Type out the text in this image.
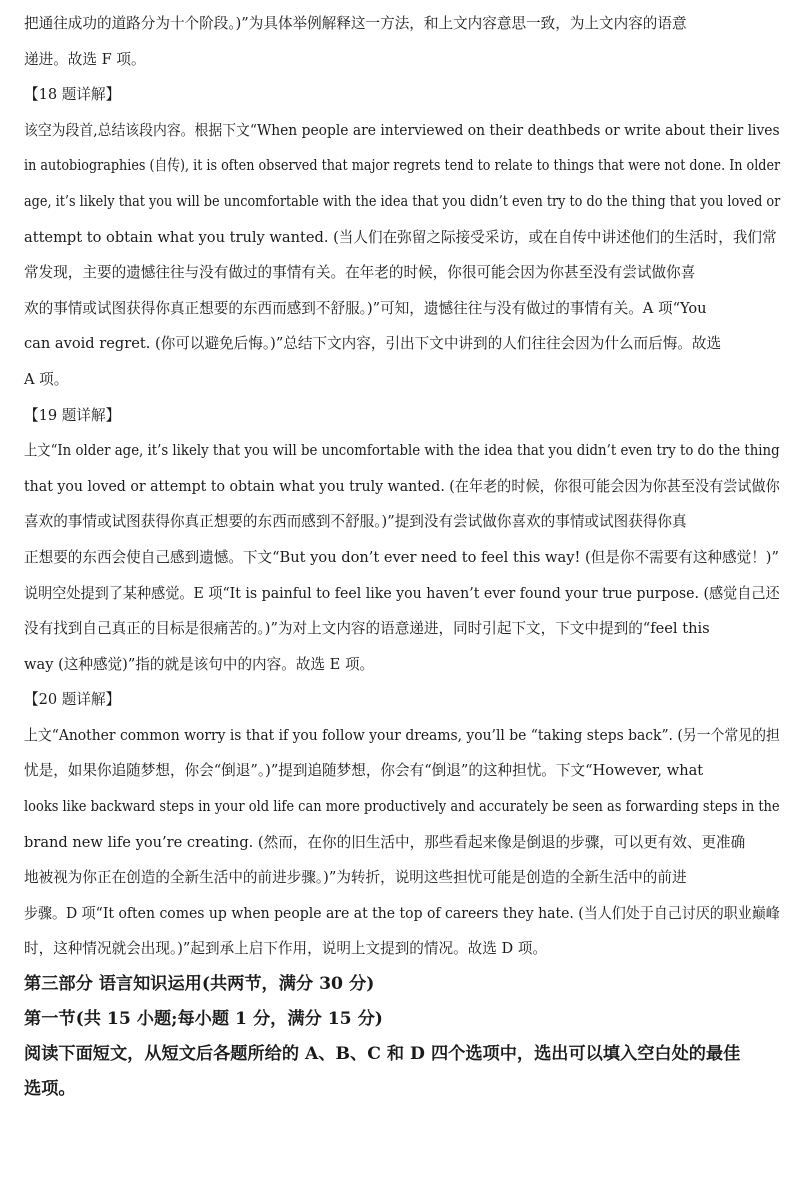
把通往成功的道路分为十个阶段。)”为具体举例解释这一方法，和上文内容意思一致，为上文内容的语意
递进。故选 F 项。
【18 题详解】
该空为段首,总结该段内容。根据下文“When people are interviewed on their deathbeds or write about their lives
in autobiographies (自传), it is often observed that major regrets tend to relate to things that were not done. In older
age, it’s likely that you will be uncomfortable with the idea that you didn’t even try to do the thing that you loved or
attempt to obtain what you truly wanted. (当人们在弥留之际接受采访，或在自传中讲述他们的生活时，我们常
常发现，主要的遗憾往往与没有做过的事情有关。在年老的时候，你很可能会因为你甚至没有尝试做你喜
欢的事情或试图获得你真正想要的东西而感到不舒服。)”可知，遗憾往往与没有做过的事情有关。A 项“You
can avoid regret. (你可以避免后悔。)”总结下文内容，引出下文中讲到的人们往往会因为什么而后悔。故选
A 项。
【19 题详解】
上文“In older age, it’s likely that you will be uncomfortable with the idea that you didn’t even try to do the thing
that you loved or attempt to obtain what you truly wanted. (在年老的时候，你很可能会因为你甚至没有尝试做你
喜欢的事情或试图获得你真正想要的东西而感到不舒服。)”提到没有尝试做你喜欢的事情或试图获得你真
正想要的东西会使自己感到遗憾。下文“But you don’t ever need to feel this way! (但是你不需要有这种感觉！)”
说明空处提到了某种感觉。E 项“It is painful to feel like you haven’t ever found your true purpose. (感觉自己还
没有找到自己真正的目标是很痛苦的。)”为对上文内容的语意递进，同时引起下文，下文中提到的“feel this
way (这种感觉)”指的就是该句中的内容。故选 E 项。
【20 题详解】
上文“Another common worry is that if you follow your dreams, you’ll be “taking steps back”. (另一个常见的担
忧是，如果你追随梦想，你会“倒退”。)”提到追随梦想，你会有“倒退”的这种担忧。下文“However, what
looks like backward steps in your old life can more productively and accurately be seen as forwarding steps in the
brand new life you’re creating. (然而，在你的旧生活中，那些看起来像是倒退的步骤，可以更有效、更准确
地被视为你正在创造的全新生活中的前进步骤。)”为转折，说明这些担忧可能是创造的全新生活中的前进
步骤。D 项“It often comes up when people are at the top of careers they hate. (当人们处于自己讨厌的职业巅峰
时，这种情况就会出现。)”起到承上启下作用，说明上文提到的情况。故选 D 项。
第三部分 语言知识运用(共两节，满分 30 分)
第一节(共 15 小题;每小题 1 分，满分 15 分)
阅读下面短文，从短文后各题所给的 A、B、C 和 D 四个选项中，选出可以填入空白处的最佳
选项。
